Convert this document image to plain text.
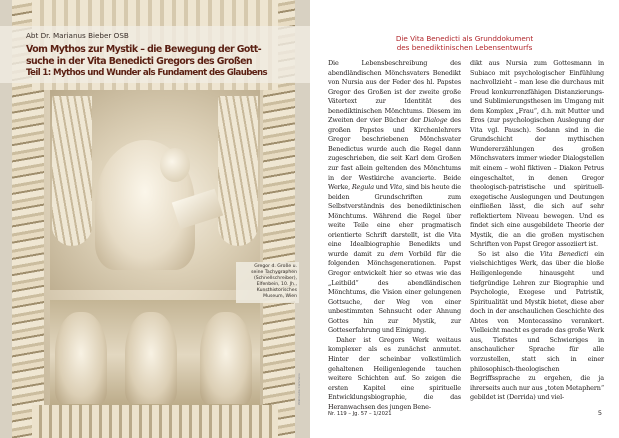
Abt Dr. Marianus Bieber OSB
Vom Mythos zur Mystik – die Bewegung der Gott-
suche in der Vita Benedicti Gregors des Großen
Teil 1: Mythos und Wunder als Fundament des Glaubens
Gregor d. Große u.
seine Tachygraphen
(Schnellschreiber),
Elfenbein, 10. Jh.,
Kunsthistorisches
Museum, Wien
Wikimedia Commons
Die Vita Benedicti als Grunddokument
des benediktinischen Lebensentwurfs

Die Lebensbeschreibung des abendländischen Mönchsvaters Benedikt von Nursia aus der Feder des hl. Papstes Gregor des Großen ist der zweite große Vätertext zur Identität des benediktinischen Mönchtums. Diesem im Zweiten der vier Bücher der Dialoge des großen Papstes und Kirchenlehrers Gregor beschriebenen Mönchsvater Benedictus wurde auch die Regel dann zugeschrieben, die seit Karl dem Großen zur fast allein geltenden des Mönchtums in der Westkirche avancierte. Beide Werke, Regula und Vita, sind bis heute die beiden Grundschriften zum Selbstverständnis des benediktinischen Mönchtums. Während die Regel über weite Teile eine eher pragmatisch orientierte Schrift darstellt, ist die Vita eine Idealbiographie Benedikts und wurde damit zu dem Vorbild für die folgenden Mönchsgenerationen. Papst Gregor entwickelt hier so etwas wie das „Leitbild“ des abendländischen Mönchtums, die Vision einer gelungenen Gottsuche, der Weg von einer unbestimmten Sehnsucht oder Ahnung Gottes hin zur Mystik, zur Gotteserfahrung und Einigung.

Daher ist Gregors Werk weitaus komplexer als es zunächst anmutet. Hinter der scheinbar volkstümlich gehaltenen Heiligenlegende tauchen weitere Schichten auf. So zeigen die ersten Kapitel eine spirituelle Entwicklungsbiographie, die das Heranwachsen des jungen Bene-

dikt aus Nursia zum Gottesmann in Subiaco mit psychologischer Einfühlung nachvollzieht – man lese die durchaus mit Freud konkurrenzfähigen Distanzierungs- und Sublimierungsthesen im Umgang mit dem Komplex „Frau“, d.h. mit Mutter und Eros (zur psychologischen Auslegung der Vita vgl. Pausch). Sodann sind in die Grundschicht der mythischen Wundererzählungen des großen Mönchsvaters immer wieder Dialogstellen mit einem – wohl fiktiven – Diakon Petrus eingeschaltet, in denen Gregor theologisch-patristische und spirituell-exegetische Auslegungen und Deutungen einfließen lässt, die sich auf sehr reflektiertem Niveau bewegen. Und es findet sich eine ausgebildete Theorie der Mystik, die an die großen mystischen Schriften von Papst Gregor assoziiert ist.

So ist also die Vita Benedicti ein vielschichtiges Werk, das über die bloße Heiligenlegende hinausgeht und tiefgründige Lehren zur Biographie und Psychologie, Exegese und Patristik, Spiritualität und Mystik bietet, diese aber doch in der anschaulichen Geschichte des Abtes von Montecassino verankert. Vielleicht macht es gerade das große Werk aus, Tiefstes und Schwieriges in anschaulicher Sprache für alle vorzustellen, statt sich in einer philosophisch-theologischen Begriffssprache zu ergehen, die ja ihrerseits auch nur aus „toten Metaphern“ gebildet ist (Derrida) und viel-

Nr. 119 – Jg. 57 – 1/2021	5
